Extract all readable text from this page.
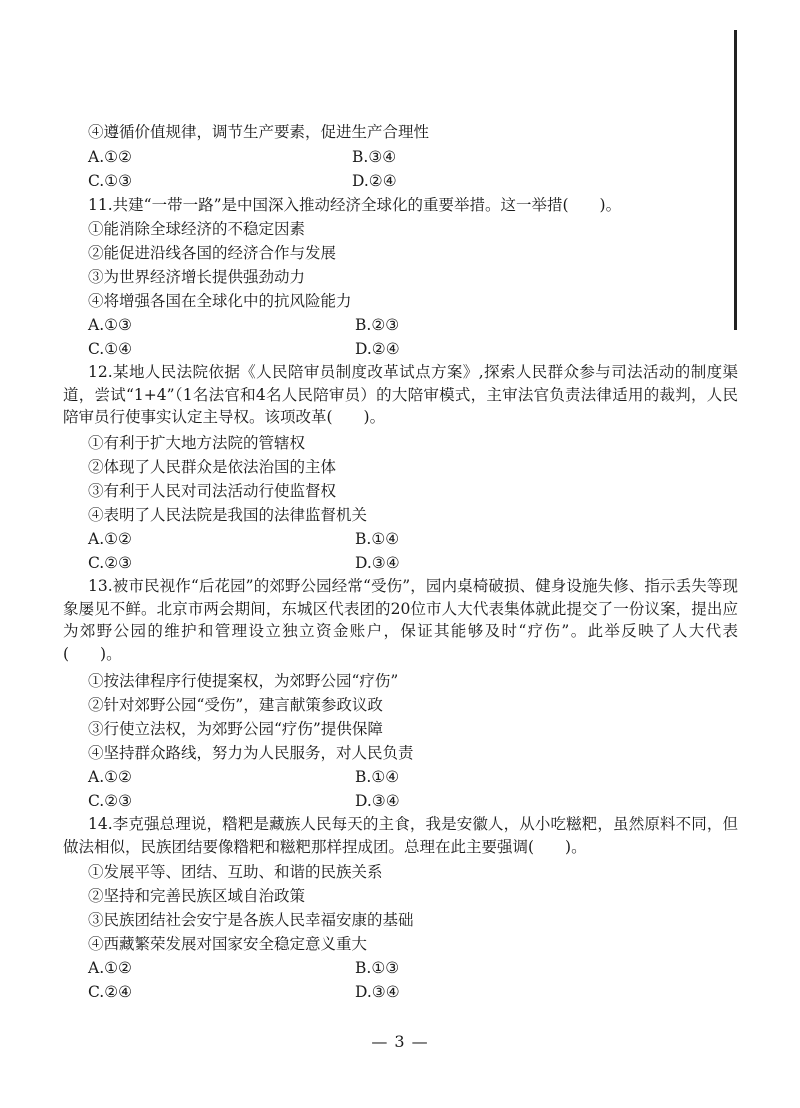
④遵循价值规律，调节生产要素，促进生产合理性
A.①②	B.③④
C.①③	D.②④
11.共建“一带一路”是中国深入推动经济全球化的重要举措。这一举措(　　)。
①能消除全球经济的不稳定因素
②能促进沿线各国的经济合作与发展
③为世界经济增长提供强劲动力
④将增强各国在全球化中的抗风险能力
A.①③	B.②③
C.①④	D.②④
12.某地人民法院依据《人民陪审员制度改革试点方案》,探索人民群众参与司法活动的制度渠道，尝试“1+4”（1名法官和4名人民陪审员）的大陪审模式，主审法官负责法律适用的裁判，人民陪审员行使事实认定主导权。该项改革(　　)。
①有利于扩大地方法院的管辖权
②体现了人民群众是依法治国的主体
③有利于人民对司法活动行使监督权
④表明了人民法院是我国的法律监督机关
A.①②	B.①④
C.②③	D.③④
13.被市民视作“后花园”的郊野公园经常“受伤”，园内桌椅破损、健身设施失修、指示丢失等现象屡见不鲜。北京市两会期间，东城区代表团的20位市人大代表集体就此提交了一份议案，提出应为郊野公园的维护和管理设立独立资金账户，保证其能够及时“疗伤”。此举反映了人大代表(　　)。
①按法律程序行使提案权，为郊野公园“疗伤”
②针对郊野公园“受伤”，建言献策参政议政
③行使立法权，为郊野公园“疗伤”提供保障
④坚持群众路线，努力为人民服务，对人民负责
A.①②	B.①④
C.②③	D.③④
14.李克强总理说，糌粑是藏族人民每天的主食，我是安徽人，从小吃糍粑，虽然原料不同，但做法相似，民族团结要像糌粑和糍粑那样捏成团。总理在此主要强调(　　)。
①发展平等、团结、互助、和谐的民族关系
②坚持和完善民族区域自治政策
③民族团结社会安宁是各族人民幸福安康的基础
④西藏繁荣发展对国家安全稳定意义重大
A.①②	B.①③
C.②④	D.③④
— 3 —
